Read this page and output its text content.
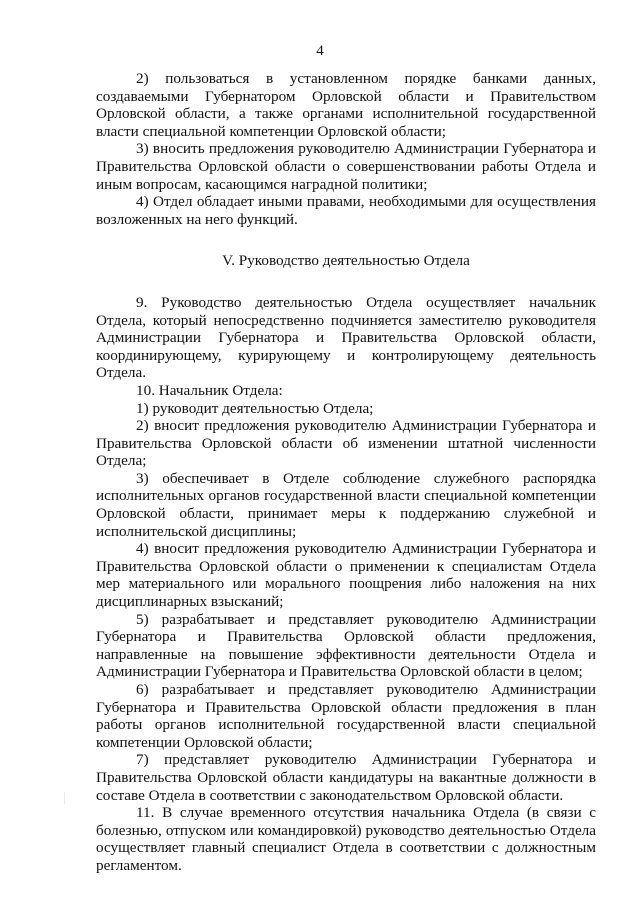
4

2) пользоваться в установленном порядке банками данных, создаваемыми Губернатором Орловской области и Правительством Орловской области, а также органами исполнительной государственной власти специальной компетенции Орловской области;

3) вносить предложения руководителю Администрации Губернатора и Правительства Орловской области о совершенствовании работы Отдела и иным вопросам, касающимся наградной политики;

4) Отдел обладает иными правами, необходимыми для осуществления возложенных на него функций.

V. Руководство деятельностью Отдела

9. Руководство деятельностью Отдела осуществляет начальник Отдела, который непосредственно подчиняется заместителю руководителя Администрации Губернатора и Правительства Орловской области, координирующему, курирующему и контролирующему деятельность Отдела.

10. Начальник Отдела:

1) руководит деятельностью Отдела;

2) вносит предложения руководителю Администрации Губернатора и Правительства Орловской области об изменении штатной численности Отдела;

3) обеспечивает в Отделе соблюдение служебного распорядка исполнительных органов государственной власти специальной компетенции Орловской области, принимает меры к поддержанию служебной и исполнительской дисциплины;

4) вносит предложения руководителю Администрации Губернатора и Правительства Орловской области о применении к специалистам Отдела мер материального или морального поощрения либо наложения на них дисциплинарных взысканий;

5) разрабатывает и представляет руководителю Администрации Губернатора и Правительства Орловской области предложения, направленные на повышение эффективности деятельности Отдела и Администрации Губернатора и Правительства Орловской области в целом;

6) разрабатывает и представляет руководителю Администрации Губернатора и Правительства Орловской области предложения в план работы органов исполнительной государственной власти специальной компетенции Орловской области;

7) представляет руководителю Администрации Губернатора и Правительства Орловской области кандидатуры на вакантные должности в составе Отдела в соответствии с законодательством Орловской области.

11. В случае временного отсутствия начальника Отдела (в связи с болезнью, отпуском или командировкой) руководство деятельностью Отдела осуществляет главный специалист Отдела в соответствии с должностным регламентом.
